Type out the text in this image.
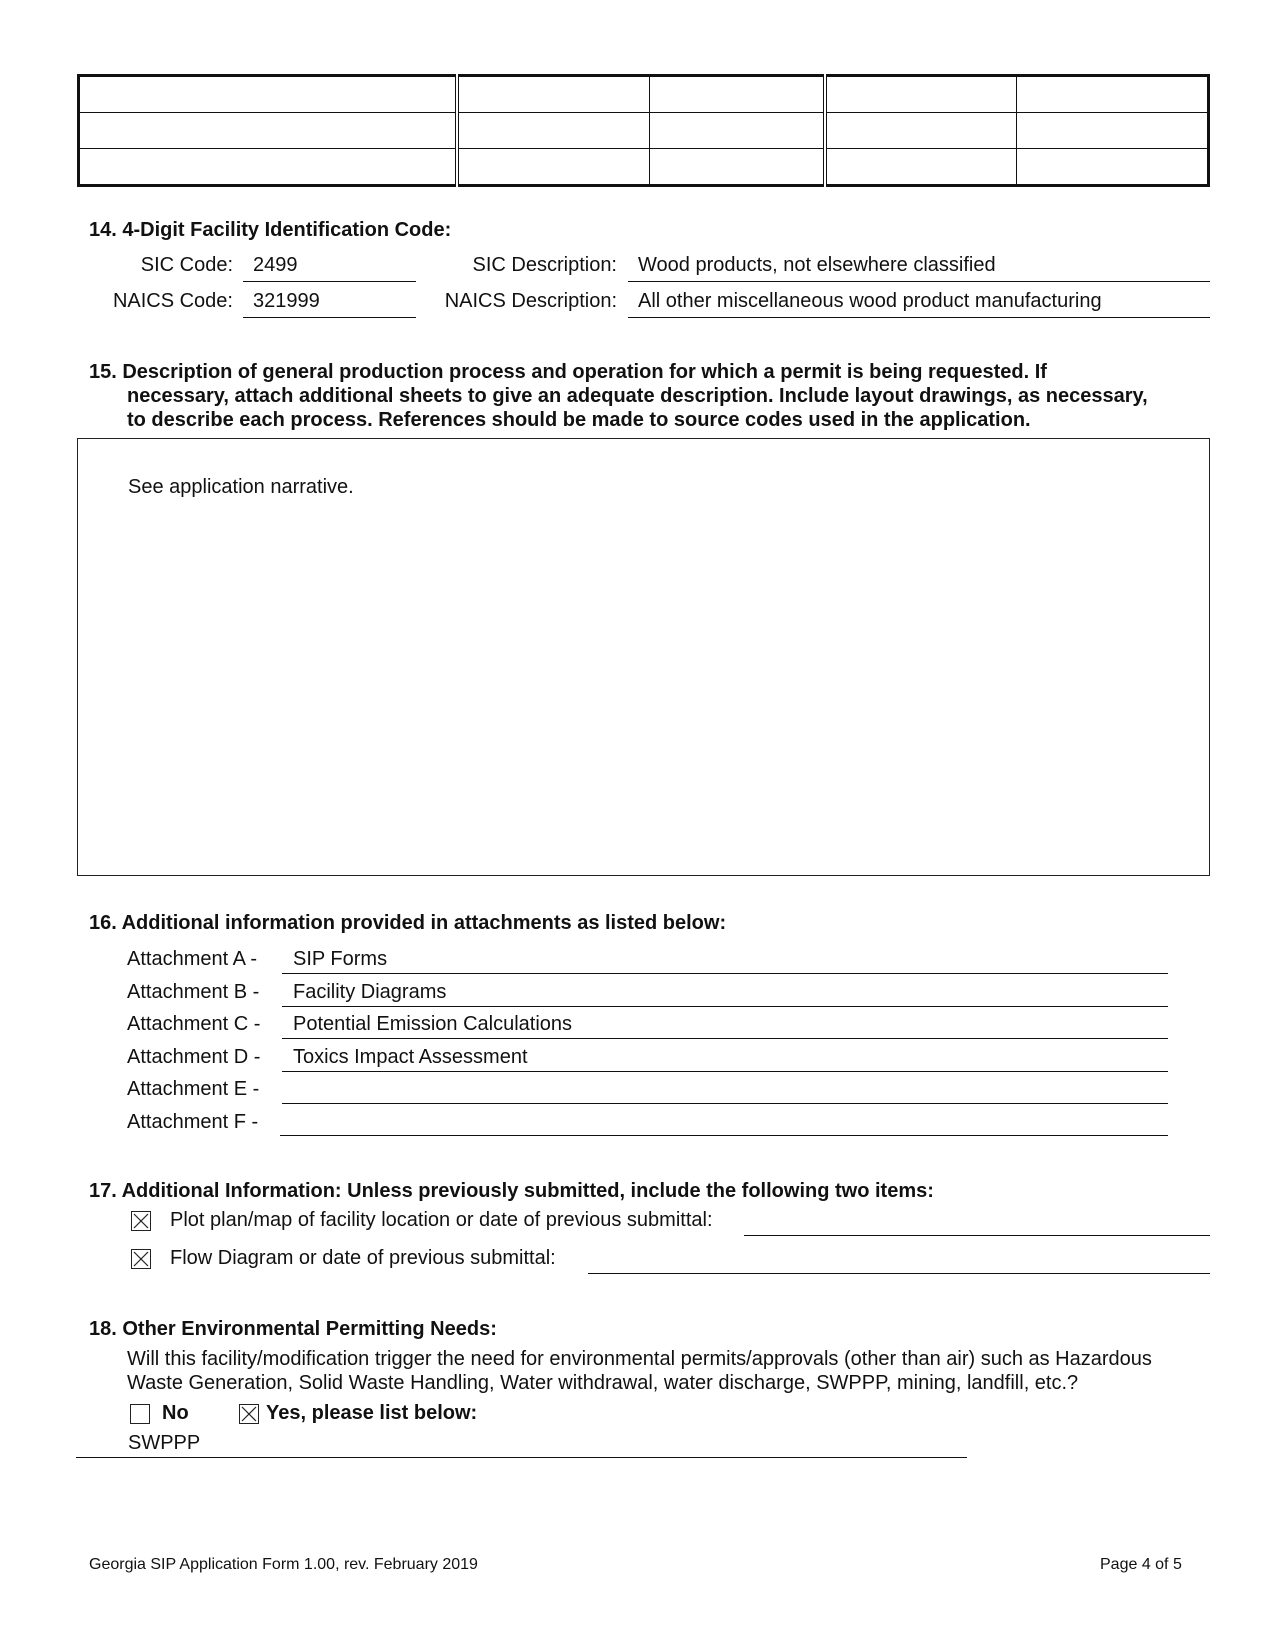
14. 4-Digit Facility Identification Code:
SIC Code: 2499	SIC Description: Wood products, not elsewhere classified
NAICS Code: 321999	NAICS Description: All other miscellaneous wood product manufacturing
15. Description of general production process and operation for which a permit is being requested. If
necessary, attach additional sheets to give an adequate description. Include layout drawings, as necessary,
to describe each process. References should be made to source codes used in the application.
See application narrative.
16. Additional information provided in attachments as listed below:
Attachment A - SIP Forms
Attachment B - Facility Diagrams
Attachment C - Potential Emission Calculations
Attachment D - Toxics Impact Assessment
Attachment E -
Attachment F -
17. Additional Information: Unless previously submitted, include the following two items:
Plot plan/map of facility location or date of previous submittal:
Flow Diagram or date of previous submittal:
18. Other Environmental Permitting Needs:
Will this facility/modification trigger the need for environmental permits/approvals (other than air) such as Hazardous
Waste Generation, Solid Waste Handling, Water withdrawal, water discharge, SWPPP, mining, landfill, etc.?
No	Yes, please list below:
SWPPP
Georgia SIP Application Form 1.00, rev. February 2019	Page 4 of 5
